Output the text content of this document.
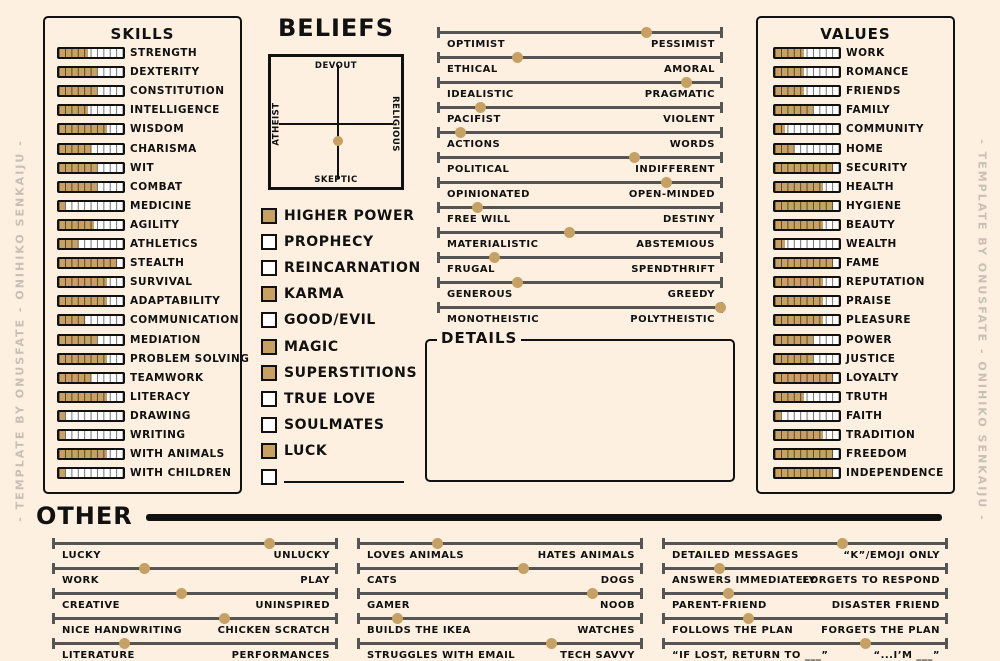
- TEMPLATE BY ONUSFATE - ONIHIKO SENKAIJU -	- TEMPLATE BY ONUSFATE - ONIHIKO SENKAIJU -
SKILLS
STRENGTH
DEXTERITY
CONSTITUTION
INTELLIGENCE
WISDOM
CHARISMA
WIT
COMBAT
MEDICINE
AGILITY
ATHLETICS
STEALTH
SURVIVAL
ADAPTABILITY
COMMUNICATION
MEDIATION
PROBLEM SOLVING
TEAMWORK
LITERACY
DRAWING
WRITING
WITH ANIMALS
WITH CHILDREN
BELIEFS
DEVOUT
SKEPTIC
ATHEIST	RELIGIOUS
HIGHER POWER
PROPHECY
REINCARNATION
KARMA
GOOD/EVIL
MAGIC
SUPERSTITIONS
TRUE LOVE
SOULMATES
LUCK
OPTIMIST	PESSIMIST
ETHICAL	AMORAL
IDEALISTIC	PRAGMATIC
PACIFIST	VIOLENT
ACTIONS	WORDS
POLITICAL	INDIFFERENT
OPINIONATED	OPEN-MINDED
FREE WILL	DESTINY
MATERIALISTIC	ABSTEMIOUS
FRUGAL	SPENDTHRIFT
GENEROUS	GREEDY
MONOTHEISTIC	POLYTHEISTIC
DETAILS
VALUES
WORK
ROMANCE
FRIENDS
FAMILY
COMMUNITY
HOME
SECURITY
HEALTH
HYGIENE
BEAUTY
WEALTH
FAME
REPUTATION
PRAISE
PLEASURE
POWER
JUSTICE
LOYALTY
TRUTH
FAITH
TRADITION
FREEDOM
INDEPENDENCE
OTHER
LUCKY	UNLUCKY
WORK	PLAY
CREATIVE	UNINSPIRED
NICE HANDWRITING	CHICKEN SCRATCH
LITERATURE	PERFORMANCES
LOVES ANIMALS	HATES ANIMALS
CATS	DOGS
GAMER	NOOB
BUILDS THE IKEA	WATCHES
STRUGGLES WITH EMAIL	TECH SAVVY
DETAILED MESSAGES	“K”/EMOJI ONLY
ANSWERS IMMEDIATELY
FORGETS TO RESPOND
PARENT-FRIEND	DISASTER FRIEND
FOLLOWS THE PLAN	FORGETS THE PLAN
“IF LOST, RETURN TO ___”	“...I’M ___”
